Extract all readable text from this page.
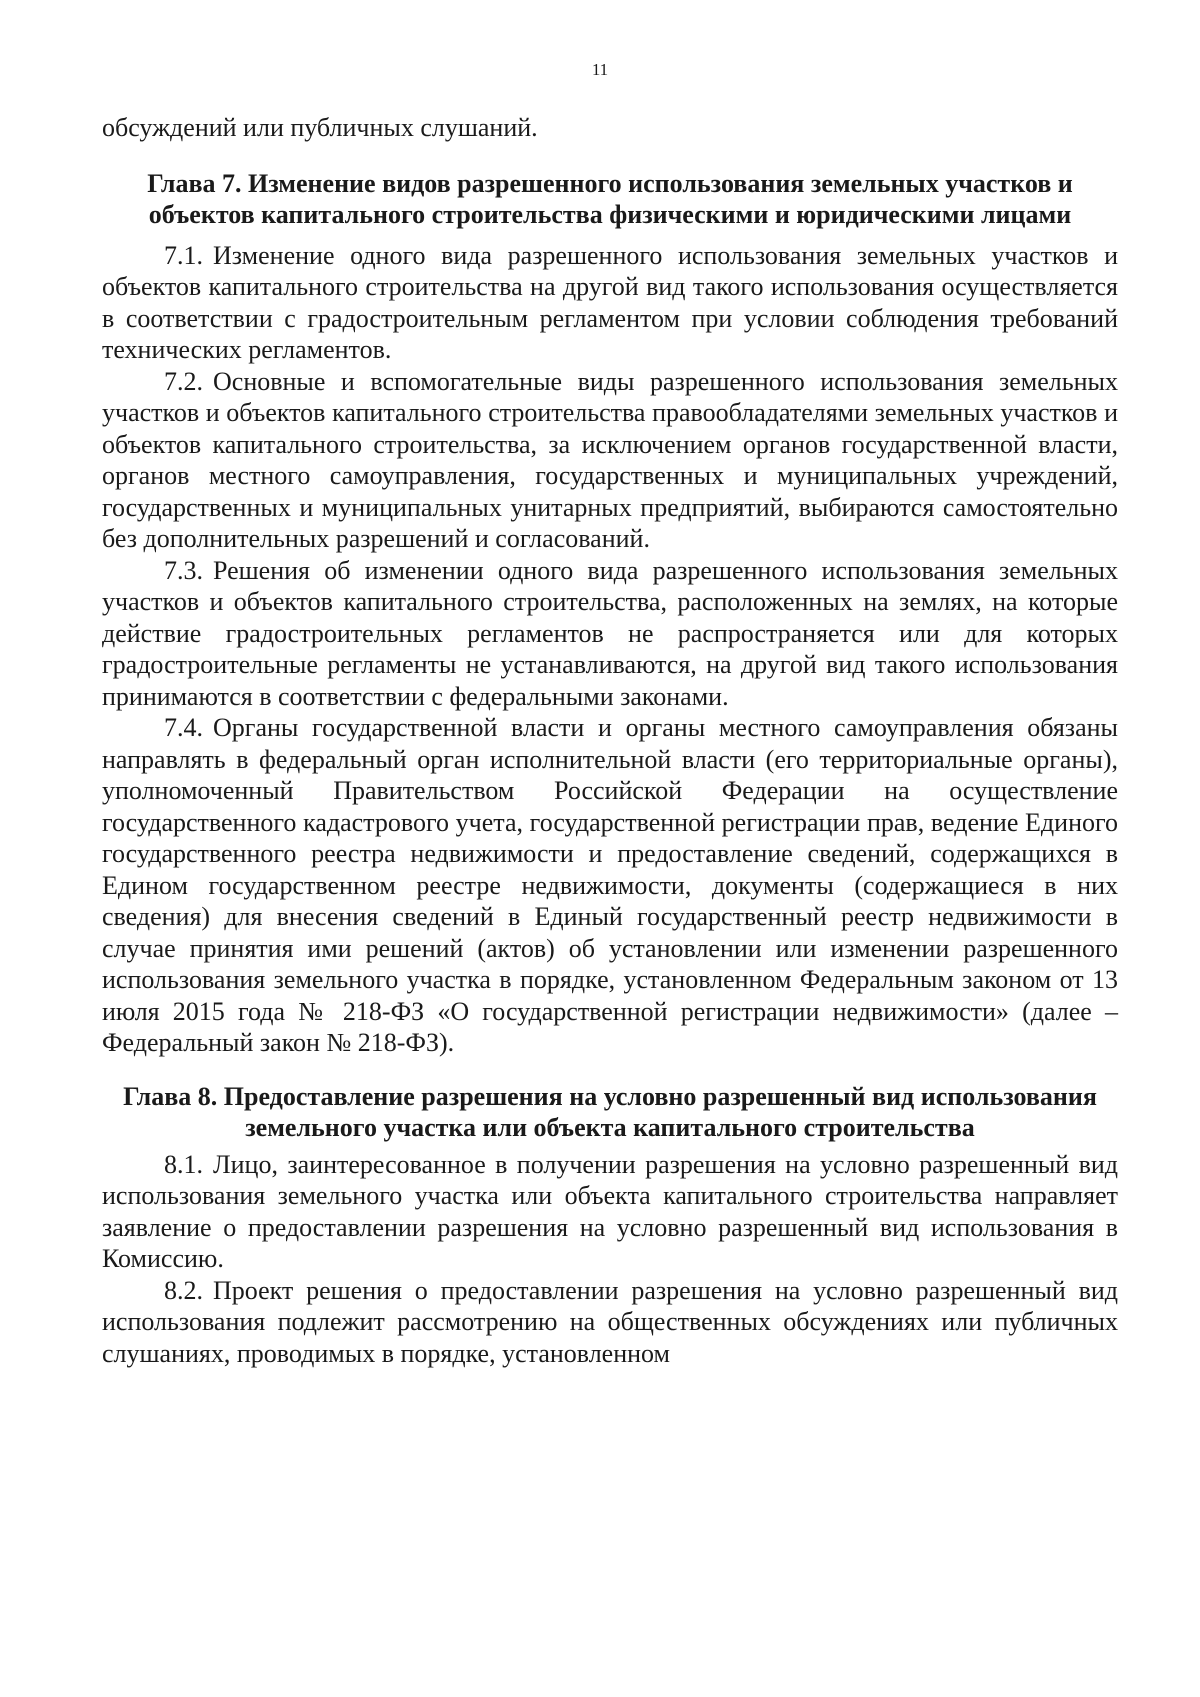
11

обсуждений или публичных слушаний.

Глава 7. Изменение видов разрешенного использования земельных участков и объектов капитального строительства физическими и юридическими лицами

7.1. Изменение одного вида разрешенного использования земельных участков и объектов капитального строительства на другой вид такого использования осуществляется в соответствии с градостроительным регламентом при условии соблюдения требований технических регламентов.

7.2. Основные и вспомогательные виды разрешенного использования земельных участков и объектов капитального строительства правообладателями земельных участков и объектов капитального строительства, за исключением органов государственной власти, органов местного самоуправления, государственных и муниципальных учреждений, государственных и муниципальных унитарных предприятий, выбираются самостоятельно без дополнительных разрешений и согласований.

7.3. Решения об изменении одного вида разрешенного использования земельных участков и объектов капитального строительства, расположенных на землях, на которые действие градостроительных регламентов не распространяется или для которых градостроительные регламенты не устанавливаются, на другой вид такого использования принимаются в соответствии с федеральными законами.

7.4. Органы государственной власти и органы местного самоуправления обязаны направлять в федеральный орган исполнительной власти (его территориальные органы), уполномоченный Правительством Российской Федерации на осуществление государственного кадастрового учета, государственной регистрации прав, ведение Единого государственного реестра недвижимости и предоставление сведений, содержащихся в Едином государственном реестре недвижимости, документы (содержащиеся в них сведения) для внесения сведений в Единый государственный реестр недвижимости в случае принятия ими решений (актов) об установлении или изменении разрешенного использования земельного участка в порядке, установленном Федеральным законом от 13 июля 2015 года № 218-ФЗ «О государственной регистрации недвижимости» (далее – Федеральный закон № 218-ФЗ).

Глава 8. Предоставление разрешения на условно разрешенный вид использования земельного участка или объекта капитального строительства

8.1. Лицо, заинтересованное в получении разрешения на условно разрешенный вид использования земельного участка или объекта капитального строительства направляет заявление о предоставлении разрешения на условно разрешенный вид использования в Комиссию.

8.2. Проект решения о предоставлении разрешения на условно разрешенный вид использования подлежит рассмотрению на общественных обсуждениях или публичных слушаниях, проводимых в порядке, установленном
